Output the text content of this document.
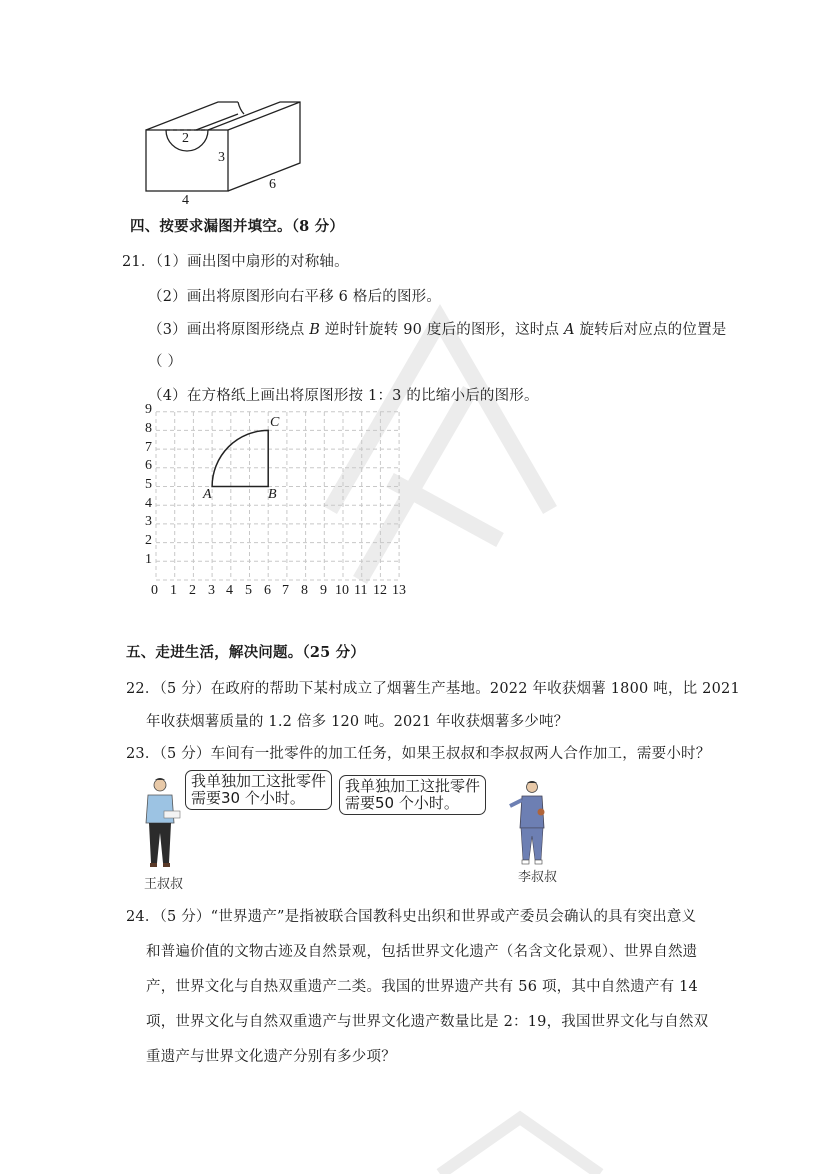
2
3
4
6
四、按要求漏图并填空。（8 分）
21．（1）画出图中扇形的对称轴。
（2）画出将原图形向右平移 6 格后的图形。
（3）画出将原图形绕点 B 逆时针旋转 90 度后的图形，这时点 A 旋转后对应点的位置是
（ ）
（4）在方格纸上画出将原图形按 1：3 的比缩小后的图形。
9
8
7
6
5
4
3
2
1
0 1 2 3 4 5 6 7 8 9 10 11 12 13
A	B
C
五、走进生活，解决问题。（25 分）
22．（5 分）在政府的帮助下某村成立了烟薯生产基地。2022 年收获烟薯 1800 吨，比 2021
年收获烟薯质量的 1.2 倍多 120 吨。2021 年收获烟薯多少吨？
23．（5 分）车间有一批零件的加工任务，如果王叔叔和李叔叔两人合作加工，需要小时？
我单独加工这批零件
需要30 个小时。
王叔叔
我单独加工这批零件
需要50 个小时。
李叔叔
24．（5 分）“世界遗产”是指被联合国教科史出织和世界或产委员会确认的具有突出意义
和普遍价值的文物古迹及自然景观，包括世界文化遗产（名含文化景观）、世界自然遗
产，世界文化与自热双重遗产二类。我国的世界遗产共有 56 项，其中自然遗产有 14
项，世界文化与自然双重遗产与世界文化遗产数量比是 2：19，我国世界文化与自然双
重遗产与世界文化遗产分别有多少项？
